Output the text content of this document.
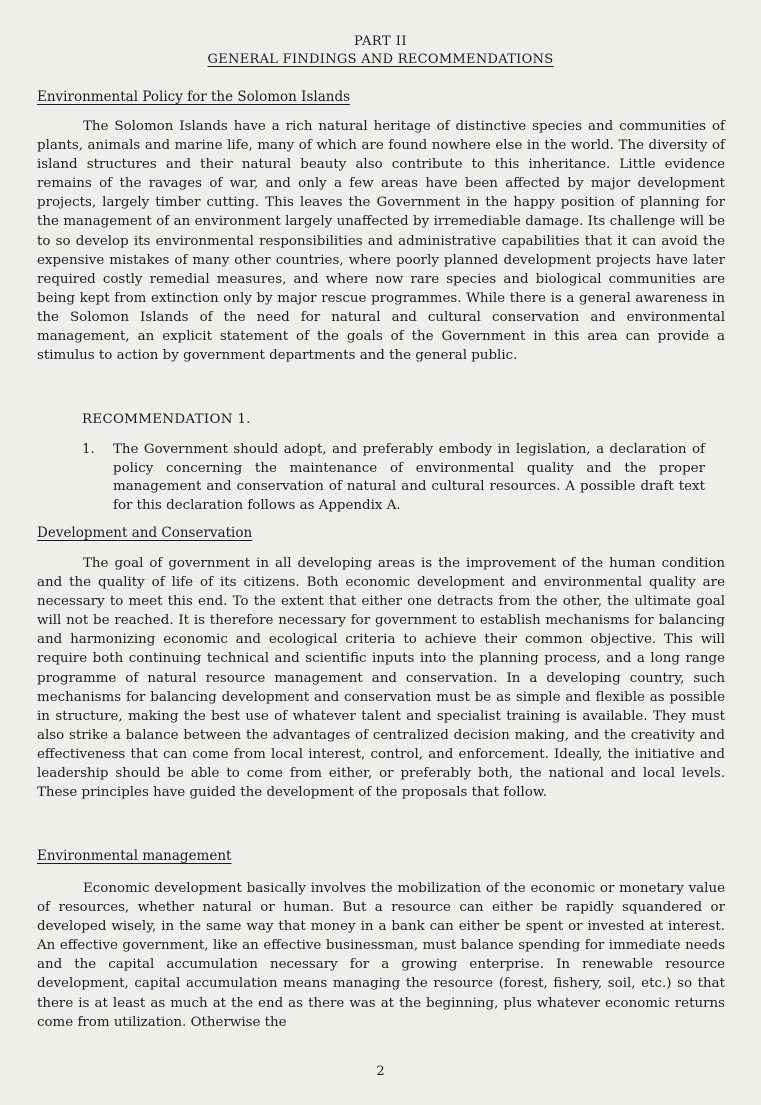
PART II
GENERAL FINDINGS AND RECOMMENDATIONS
Environmental Policy for the Solomon Islands

The Solomon Islands have a rich natural heritage of distinctive species and communities of plants, animals and marine life, many of which are found nowhere else in the world. The diversity of island structures and their natural beauty also contribute to this inheritance. Little evidence remains of the ravages of war, and only a few areas have been affected by major development projects, largely timber cutting. This leaves the Government in the happy position of planning for the management of an environment largely unaffected by irremediable damage. Its challenge will be to so develop its environmental responsibilities and administrative capabilities that it can avoid the expensive mistakes of many other countries, where poorly planned development projects have later required costly remedial measures, and where now rare species and biological communities are being kept from extinction only by major rescue programmes. While there is a general awareness in the Solomon Islands of the need for natural and cultural conservation and environmental management, an explicit statement of the goals of the Government in this area can provide a stimulus to action by government departments and the general public.

RECOMMENDATION 1.
1. The Government should adopt, and preferably embody in legislation, a declaration of policy concerning the maintenance of environmental quality and the proper management and conservation of natural and cultural resources. A possible draft text for this declaration follows as Appendix A.

Development and Conservation

The goal of government in all developing areas is the improvement of the human condition and the quality of life of its citizens. Both economic development and environmental quality are necessary to meet this end. To the extent that either one detracts from the other, the ultimate goal will not be reached. It is therefore necessary for government to establish mechanisms for balancing and harmonizing economic and ecological criteria to achieve their common objective. This will require both continuing technical and scientific inputs into the planning process, and a long range programme of natural resource management and conservation. In a developing country, such mechanisms for balancing development and conservation must be as simple and flexible as possible in structure, making the best use of whatever talent and specialist training is available. They must also strike a balance between the advantages of centralized decision making, and the creativity and effectiveness that can come from local interest, control, and enforcement. Ideally, the initiative and leadership should be able to come from either, or preferably both, the national and local levels. These principles have guided the development of the proposals that follow.

Environmental management

Economic development basically involves the mobilization of the economic or monetary value of resources, whether natural or human. But a resource can either be rapidly squandered or developed wisely, in the same way that money in a bank can either be spent or invested at interest. An effective government, like an effective businessman, must balance spending for immediate needs and the capital accumulation necessary for a growing enterprise. In renewable resource development, capital accumulation means managing the resource (forest, fishery, soil, etc.) so that there is at least as much at the end as there was at the beginning, plus whatever economic returns come from utilization. Otherwise the

2
